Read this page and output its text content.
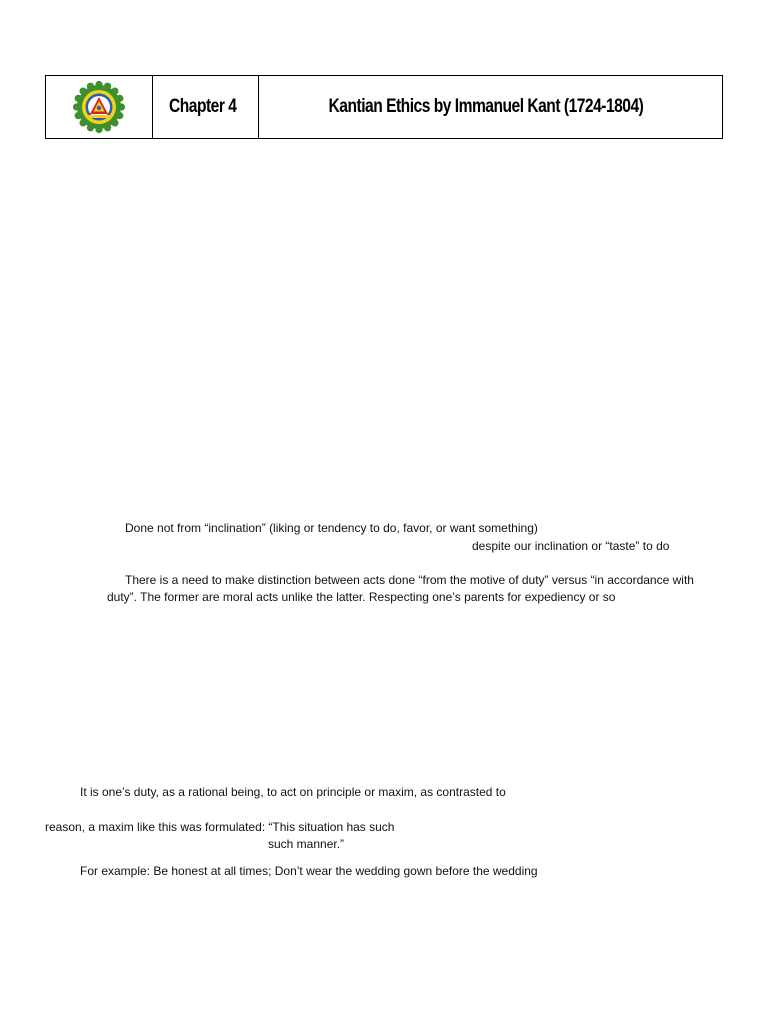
Chapter 4	Kantian Ethics by Immanuel Kant (1724-1804)
Done not from “inclination” (liking or tendency to do, favor, or want something)
despite our inclination or “taste” to do
There is a need to make distinction between acts done “from the motive of duty” versus “in accordance with
duty”. The former are moral acts unlike the latter. Respecting one’s parents for expediency or so
It is one’s duty, as a rational being, to act on principle or maxim, as contrasted to
reason, a maxim like this was formulated: “This situation has such
such manner.”
For example: Be honest at all times; Don’t wear the wedding gown before the wedding
